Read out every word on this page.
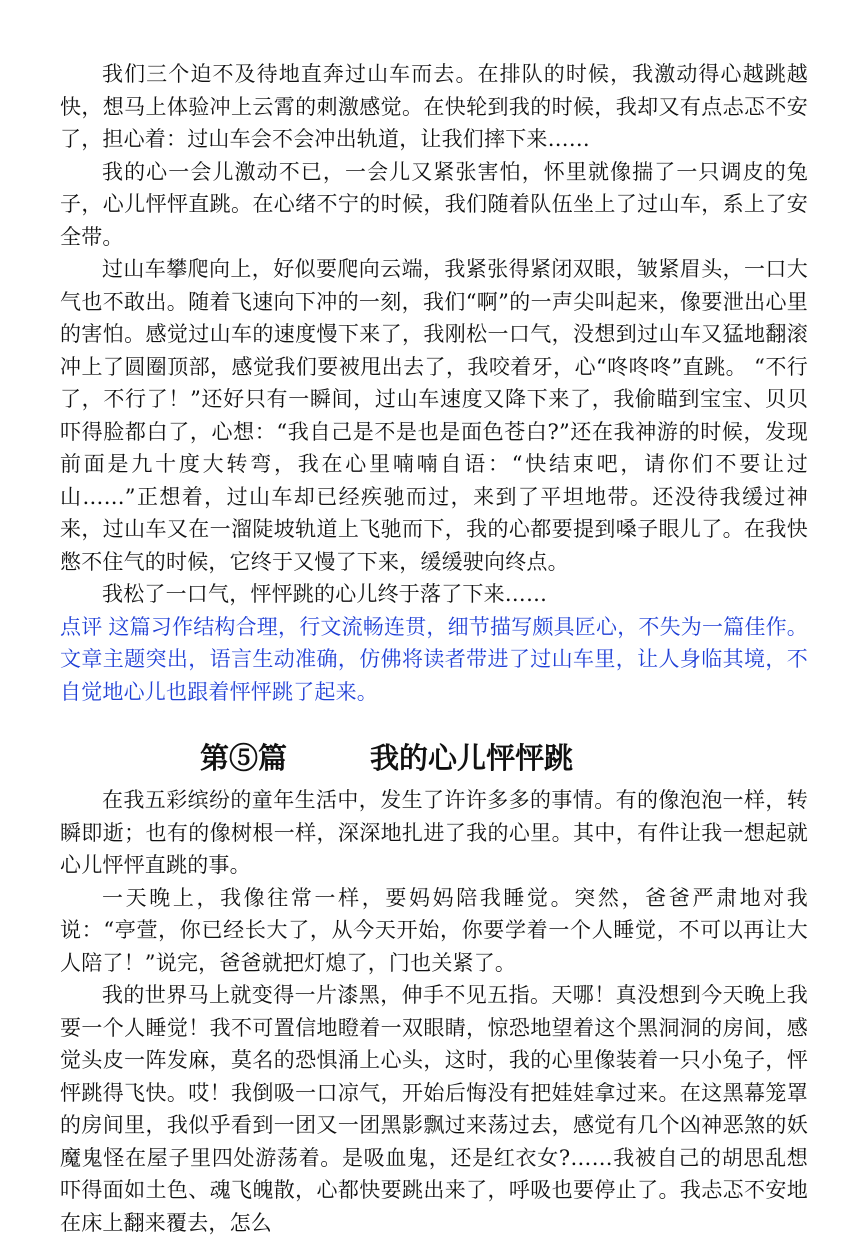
我们三个迫不及待地直奔过山车而去。在排队的时候，我激动得心越跳越快，想马上体验冲上云霄的刺激感觉。在快轮到我的时候，我却又有点忐忑不安了，担心着：过山车会不会冲出轨道，让我们摔下来……

我的心一会儿激动不已，一会儿又紧张害怕，怀里就像揣了一只调皮的兔子，心儿怦怦直跳。在心绪不宁的时候，我们随着队伍坐上了过山车，系上了安全带。

过山车攀爬向上，好似要爬向云端，我紧张得紧闭双眼，皱紧眉头，一口大气也不敢出。随着飞速向下冲的一刻，我们“啊”的一声尖叫起来，像要泄出心里的害怕。感觉过山车的速度慢下来了，我刚松一口气，没想到过山车又猛地翻滚冲上了圆圈顶部，感觉我们要被甩出去了，我咬着牙，心“咚咚咚”直跳。 “不行了，不行了！”还好只有一瞬间，过山车速度又降下来了，我偷瞄到宝宝、贝贝吓得脸都白了，心想：“我自己是不是也是面色苍白?”还在我神游的时候，发现前面是九十度大转弯，我在心里喃喃自语：“快结束吧，请你们不要让过山……”正想着，过山车却已经疾驰而过，来到了平坦地带。还没待我缓过神来，过山车又在一溜陡坡轨道上飞驰而下，我的心都要提到嗓子眼儿了。在我快憋不住气的时候，它终于又慢了下来，缓缓驶向终点。

我松了一口气，怦怦跳的心儿终于落了下来……

点评 这篇习作结构合理，行文流畅连贯，细节描写颇具匠心，不失为一篇佳作。文章主题突出，语言生动准确，仿佛将读者带进了过山车里，让人身临其境，不自觉地心儿也跟着怦怦跳了起来。

第⑤篇	我的心儿怦怦跳

在我五彩缤纷的童年生活中，发生了许许多多的事情。有的像泡泡一样，转瞬即逝；也有的像树根一样，深深地扎进了我的心里。其中，有件让我一想起就心儿怦怦直跳的事。

一天晚上，我像往常一样，要妈妈陪我睡觉。突然，爸爸严肃地对我说：“亭萱，你已经长大了，从今天开始，你要学着一个人睡觉，不可以再让大人陪了！”说完，爸爸就把灯熄了，门也关紧了。

我的世界马上就变得一片漆黑，伸手不见五指。天哪！真没想到今天晚上我要一个人睡觉！我不可置信地瞪着一双眼睛，惊恐地望着这个黑洞洞的房间，感觉头皮一阵发麻，莫名的恐惧涌上心头，这时，我的心里像装着一只小兔子，怦怦跳得飞快。哎！我倒吸一口凉气，开始后悔没有把娃娃拿过来。在这黑幕笼罩的房间里，我似乎看到一团又一团黑影飘过来荡过去，感觉有几个凶神恶煞的妖魔鬼怪在屋子里四处游荡着。是吸血鬼，还是红衣女?……我被自己的胡思乱想吓得面如土色、魂飞魄散，心都快要跳出来了，呼吸也要停止了。我忐忑不安地在床上翻来覆去，怎么
